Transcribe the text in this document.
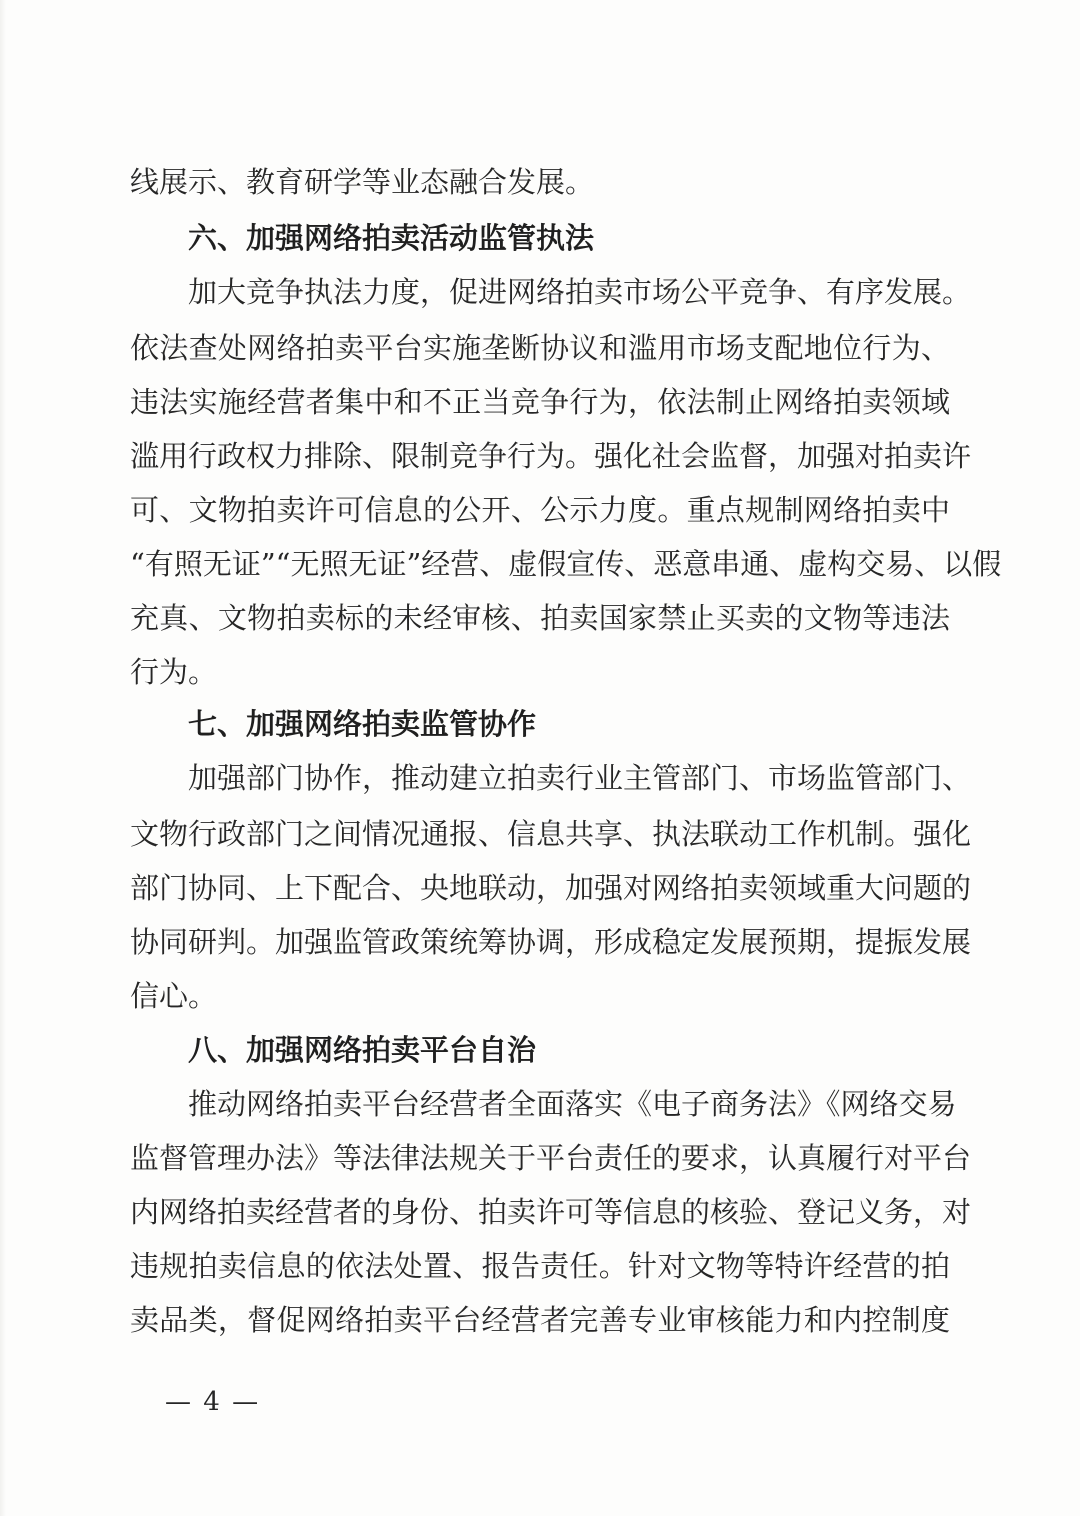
线展示、教育研学等业态融合发展。
六、加强网络拍卖活动监管执法
加大竞争执法力度，促进网络拍卖市场公平竞争、有序发展。
依法查处网络拍卖平台实施垄断协议和滥用市场支配地位行为、
违法实施经营者集中和不正当竞争行为，依法制止网络拍卖领域
滥用行政权力排除、限制竞争行为。强化社会监督，加强对拍卖许
可、文物拍卖许可信息的公开、公示力度。重点规制网络拍卖中
“有照无证”“无照无证”经营、虚假宣传、恶意串通、虚构交易、以假
充真、文物拍卖标的未经审核、拍卖国家禁止买卖的文物等违法
行为。
七、加强网络拍卖监管协作
加强部门协作，推动建立拍卖行业主管部门、市场监管部门、
文物行政部门之间情况通报、信息共享、执法联动工作机制。强化
部门协同、上下配合、央地联动，加强对网络拍卖领域重大问题的
协同研判。加强监管政策统筹协调，形成稳定发展预期，提振发展
信心。
八、加强网络拍卖平台自治
推动网络拍卖平台经营者全面落实《电子商务法》《网络交易
监督管理办法》等法律法规关于平台责任的要求，认真履行对平台
内网络拍卖经营者的身份、拍卖许可等信息的核验、登记义务，对
违规拍卖信息的依法处置、报告责任。针对文物等特许经营的拍
卖品类，督促网络拍卖平台经营者完善专业审核能力和内控制度
— 4 —
